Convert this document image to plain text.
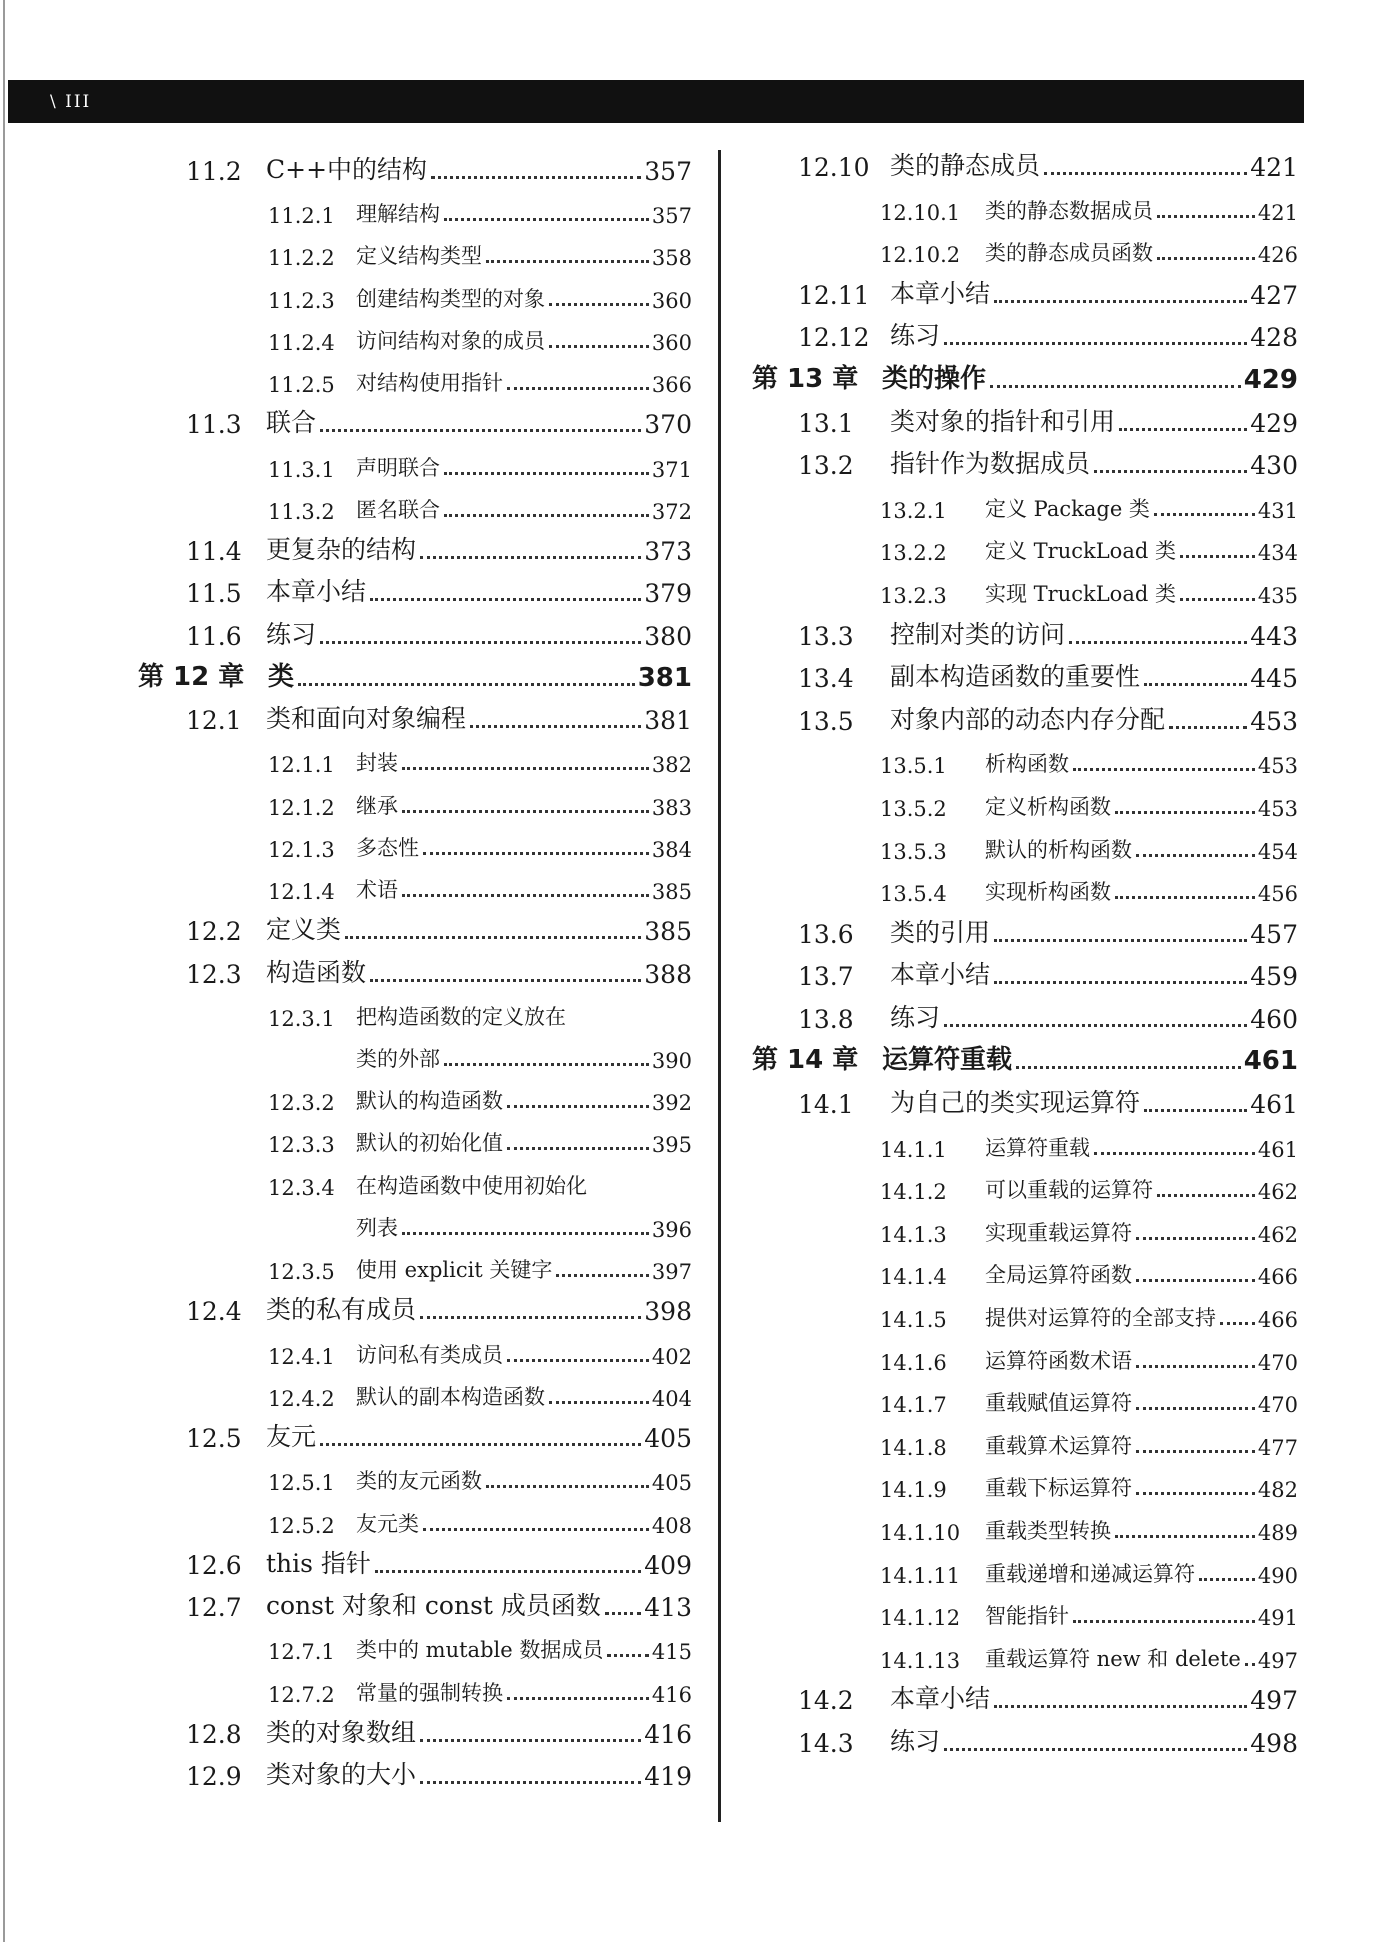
\ III
11.2 C++中的结构	357
11.2.1	理解结构	357
11.2.2	定义结构类型	358
11.2.3	创建结构类型的对象	360
11.2.4	访问结构对象的成员	360
11.2.5	对结构使用指针	366
11.3 联合	370
11.3.1	声明联合	371
11.3.2	匿名联合	372
11.4 更复杂的结构	373
11.5 本章小结	379
11.6 练习	380
第 12 章 类	381
12.1 类和面向对象编程	381
12.1.1	封装	382
12.1.2	继承	383
12.1.3	多态性	384
12.1.4	术语	385
12.2 定义类	385
12.3 构造函数	388
12.3.1	把构造函数的定义放在
类的外部	390
12.3.2	默认的构造函数	392
12.3.3	默认的初始化值	395
12.3.4	在构造函数中使用初始化
列表	396
12.3.5	使用 explicit 关键字	397
12.4 类的私有成员	398
12.4.1	访问私有类成员	402
12.4.2	默认的副本构造函数	404
12.5 友元	405
12.5.1	类的友元函数	405
12.5.2	友元类	408
12.6 this 指针	409
12.7 const 对象和 const 成员函数 413
12.7.1	类中的 mutable 数据成员 415
12.7.2	常量的强制转换	416
12.8 类的对象数组	416
12.9 类对象的大小	419
12.10 类的静态成员	421
12.10.1	类的静态数据成员	421
12.10.2	类的静态成员函数	426
12.11 本章小结	427
12.12 练习	428
第 13 章 类的操作	429
13.1	类对象的指针和引用	429
13.2	指针作为数据成员	430
13.2.1	定义 Package 类	431
13.2.2	定义 TruckLoad 类	434
13.2.3	实现 TruckLoad 类	435
13.3	控制对类的访问	443
13.4	副本构造函数的重要性	445
13.5	对象内部的动态内存分配	453
13.5.1	析构函数	453
13.5.2	定义析构函数	453
13.5.3	默认的析构函数	454
13.5.4	实现析构函数	456
13.6	类的引用	457
13.7	本章小结	459
13.8	练习	460
第 14 章 运算符重载	461
14.1	为自己的类实现运算符	461
14.1.1	运算符重载	461
14.1.2	可以重载的运算符	462
14.1.3	实现重载运算符	462
14.1.4	全局运算符函数	466
14.1.5	提供对运算符的全部支持 466
14.1.6	运算符函数术语	470
14.1.7	重载赋值运算符	470
14.1.8	重载算术运算符	477
14.1.9	重载下标运算符	482
14.1.10	重载类型转换	489
14.1.11	重载递增和递减运算符	490
14.1.12	智能指针	491
14.1.13	重载运算符 new 和 delete 497
14.2	本章小结	497
14.3	练习	498
